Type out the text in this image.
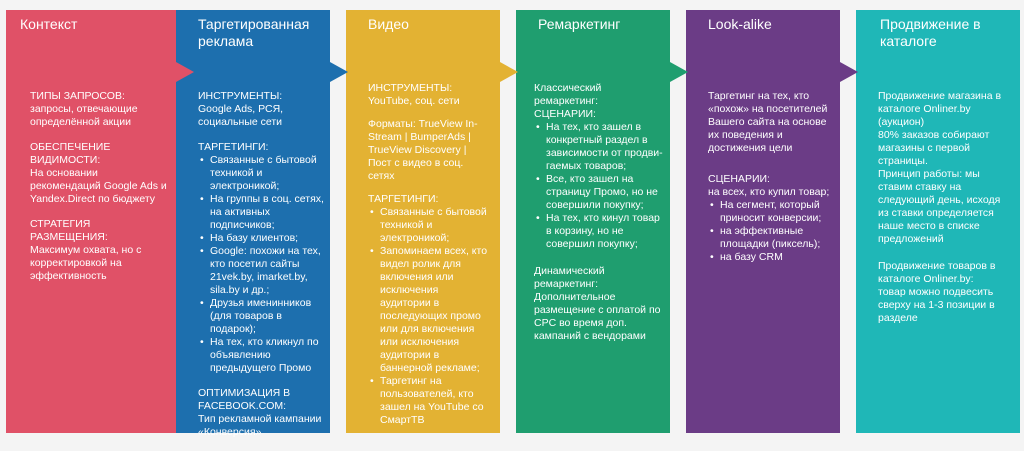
Контекст

ТИПЫ ЗАПРОСОВ:
запросы, отвечающие определённой акции

ОБЕСПЕЧЕНИЕ ВИДИМОСТИ:
На основании рекомендаций Google Ads и Yandex.Direct по бюджету

СТРАТЕГИЯ РАЗМЕЩЕНИЯ:
Максимум охвата, но с корректировкой на эффективность

Таргетированная реклама

ИНСТРУМЕНТЫ:
Google Ads, РСЯ, социальные сети

ТАРГЕТИНГИ:

• Связанные с бытовой техникой и электроникой;
• На группы в соц. сетях, на активных подписчиков;
• На базу клиентов;
• Google: похожи на тех, кто посетил сайты 21vek.by, imarket.by, sila.by и др.;
• Друзья именинников (для товаров в подарок);
• На тех, кто кликнул по объявлению предыдущего Промо

ОПТИМИЗАЦИЯ В FACEBOOK.COM:
Тип рекламной кампании «Конверсия»

Видео

ИНСТРУМЕНТЫ: YouTube, соц. сети

Форматы: TrueView In-Stream | BumperAds | TrueView Discovery | Пост с видео в соц. сетях

ТАРГЕТИНГИ:

• Связанные с бытовой техникой и электроникой;
• Запоминаем всех, кто видел ролик для включения или исключения аудитории в последующих промо или для включения или исключения аудитории в баннерной рекламе;
• Таргетинг на пользователей, кто зашел на YouTube со СмартТВ
Ремаркетинг

Классический ремаркетинг:

СЦЕНАРИИ:

• На тех, кто зашел в конкретный раздел в зависимости от продви-гаемых товаров;
• Все, кто зашел на страницу Промо, но не совершили покупку;
• На тех, кто кинул товар в корзину, но не совершил покупку;

Динамический ремаркетинг:

Дополнительное размещение с оплатой по CPC во время доп. кампаний с вендорами

Look-alike

Таргетинг на тех, кто «похож» на посетителей Вашего сайта на основе их поведения и достижения цели

СЦЕНАРИИ:

на всех, кто купил товар;

• На сегмент, который приносит конверсии;
• на эффективные площадки (пиксель);
• на базу CRM
Продвижение в каталоге

Продвижение магазина в каталоге Onliner.by (аукцион)

80% заказов собирают магазины с первой страницы.

Принцип работы: мы ставим ставку на следующий день, исходя из ставки определяется наше место в списке предложений

Продвижение товаров в каталоге Onliner.by: товар можно подвесить сверху на 1-3 позиции в разделе
